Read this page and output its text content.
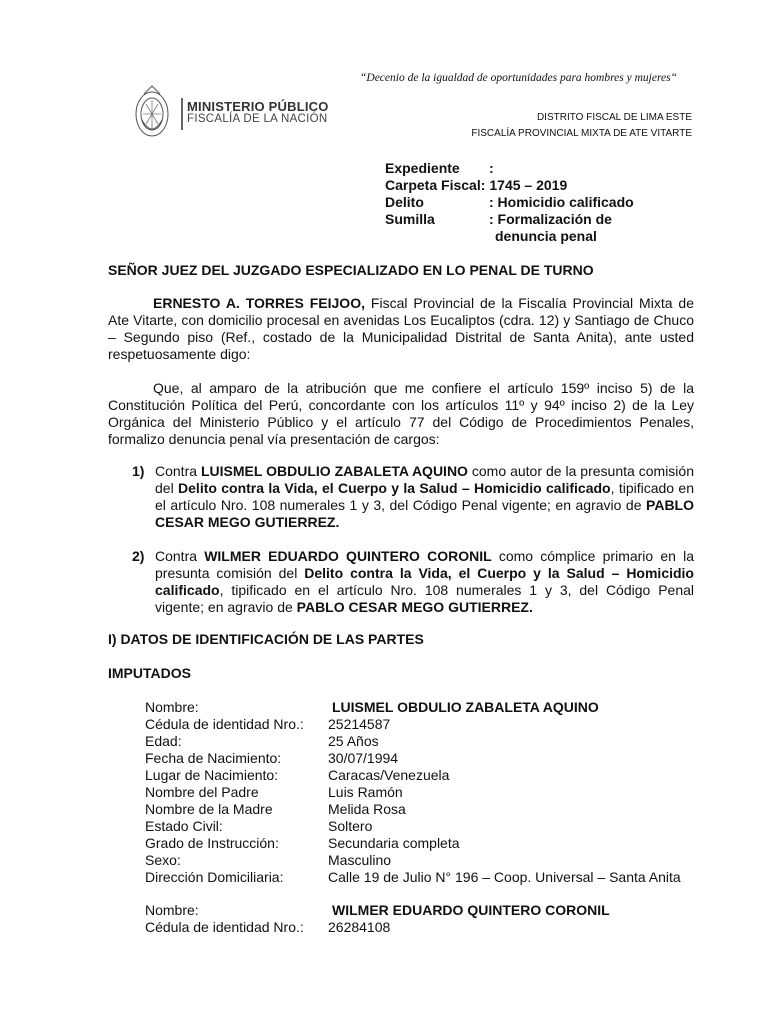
“Decenio de la igualdad de oportunidades para hombres y mujeres“
MINISTERIO PÚBLICO
FISCALÍA DE LA NACIÓN	DISTRITO FISCAL DE LIMA ESTE
FISCALÍA PROVINCIAL MIXTA DE ATE VITARTE
Expediente	:
Carpeta Fiscal: 1745 – 2019
Delito	: Homicidio calificado
Sumilla	: Formalización de
denuncia penal
SEÑOR JUEZ DEL JUZGADO ESPECIALIZADO EN LO PENAL DE TURNO
ERNESTO A. TORRES FEIJOO, Fiscal Provincial de la Fiscalía Provincial Mixta de Ate Vitarte, con domicilio procesal en avenidas Los Eucaliptos (cdra. 12) y Santiago de Chuco – Segundo piso (Ref., costado de la Municipalidad Distrital de Santa Anita), ante usted respetuosamente digo:
Que, al amparo de la atribución que me confiere el artículo 159º inciso 5) de la Constitución Política del Perú, concordante con los artículos 11º y 94º inciso 2) de la Ley Orgánica del Ministerio Público y el artículo 77 del Código de Procedimientos Penales, formalizo denuncia penal vía presentación de cargos:
1) Contra LUISMEL OBDULIO ZABALETA AQUINO como autor de la presunta comisión del Delito contra la Vida, el Cuerpo y la Salud – Homicidio calificado, tipificado en el artículo Nro. 108 numerales 1 y 3, del Código Penal vigente; en agravio de PABLO CESAR MEGO GUTIERREZ.
2) Contra WILMER EDUARDO QUINTERO CORONIL como cómplice primario en la presunta comisión del Delito contra la Vida, el Cuerpo y la Salud – Homicidio calificado, tipificado en el artículo Nro. 108 numerales 1 y 3, del Código Penal vigente; en agravio de PABLO CESAR MEGO GUTIERREZ.
I) DATOS DE IDENTIFICACIÓN DE LAS PARTES
IMPUTADOS
Nombre:	LUISMEL OBDULIO ZABALETA AQUINO
Cédula de identidad Nro.:	25214587
Edad:	25 Años
Fecha de Nacimiento:	30/07/1994
Lugar de Nacimiento:	Caracas/Venezuela
Nombre del Padre	Luis Ramón
Nombre de la Madre	Melida Rosa
Estado Civil:	Soltero
Grado de Instrucción:	Secundaria completa
Sexo:	Masculino
Dirección Domiciliaria:	Calle 19 de Julio N° 196 – Coop. Universal – Santa Anita
Nombre:	WILMER EDUARDO QUINTERO CORONIL
Cédula de identidad Nro.:	26284108
